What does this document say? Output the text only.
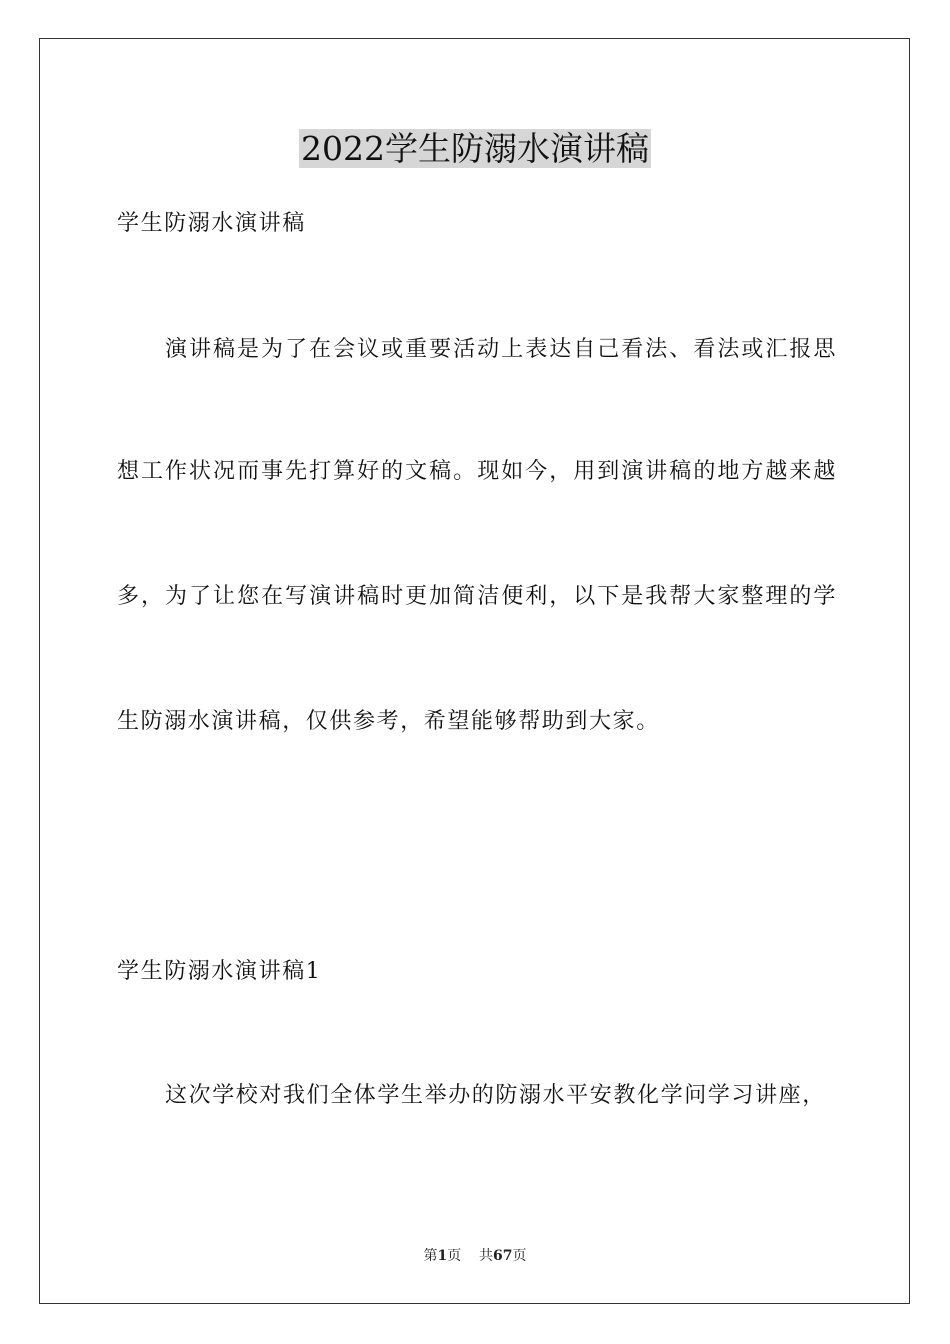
2022学生防溺水演讲稿
学生防溺水演讲稿
演讲稿是为了在会议或重要活动上表达自己看法、看法或汇报思
想工作状况而事先打算好的文稿。现如今，用到演讲稿的地方越来越
多，为了让您在写演讲稿时更加简洁便利，以下是我帮大家整理的学
生防溺水演讲稿，仅供参考，希望能够帮助到大家。
学生防溺水演讲稿1
这次学校对我们全体学生举办的防溺水平安教化学问学习讲座，
第1页 共67页
